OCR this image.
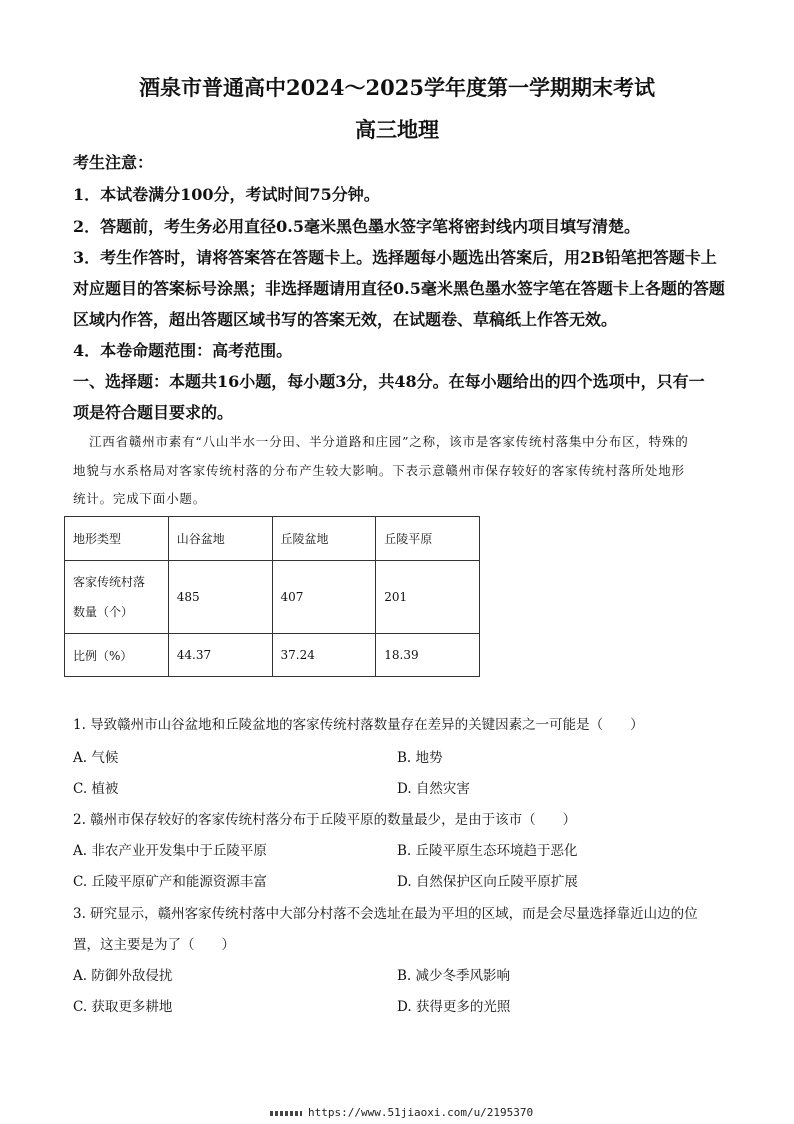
酒泉市普通高中2024～2025学年度第一学期期末考试
高三地理
考生注意：
1．本试卷满分100分，考试时间75分钟。
2．答题前，考生务必用直径0.5毫米黑色墨水签字笔将密封线内项目填写清楚。
3．考生作答时，请将答案答在答题卡上。选择题每小题选出答案后，用2B铅笔把答题卡上
对应题目的答案标号涂黑；非选择题请用直径0.5毫米黑色墨水签字笔在答题卡上各题的答题
区域内作答，超出答题区域书写的答案无效，在试题卷、草稿纸上作答无效。
4．本卷命题范围：高考范围。
一、选择题：本题共16小题，每小题3分，共48分。在每小题给出的四个选项中，只有一
项是符合题目要求的。
江西省赣州市素有“八山半水一分田、半分道路和庄园”之称，该市是客家传统村落集中分布区，特殊的
地貌与水系格局对客家传统村落的分布产生较大影响。下表示意赣州市保存较好的客家传统村落所处地形
统计。完成下面小题。
地形类型	山谷盆地	丘陵盆地	丘陵平原

客家传统村落
数量（个）	485	407	201
比例（%）	44.37	37.24	18.39
1. 导致赣州市山谷盆地和丘陵盆地的客家传统村落数量存在差异的关键因素之一可能是（　　）
A. 气候	B. 地势
C. 植被	D. 自然灾害
2. 赣州市保存较好的客家传统村落分布于丘陵平原的数量最少，是由于该市（　　）
A. 非农产业开发集中于丘陵平原	B. 丘陵平原生态环境趋于恶化
C. 丘陵平原矿产和能源资源丰富	D. 自然保护区向丘陵平原扩展
3. 研究显示，赣州客家传统村落中大部分村落不会选址在最为平坦的区域，而是会尽量选择靠近山边的位
置，这主要是为了（　　）
A. 防御外敌侵扰	B. 减少冬季风影响
C. 获取更多耕地	D. 获得更多的光照
https://www.51jiaoxi.com/u/2195370
